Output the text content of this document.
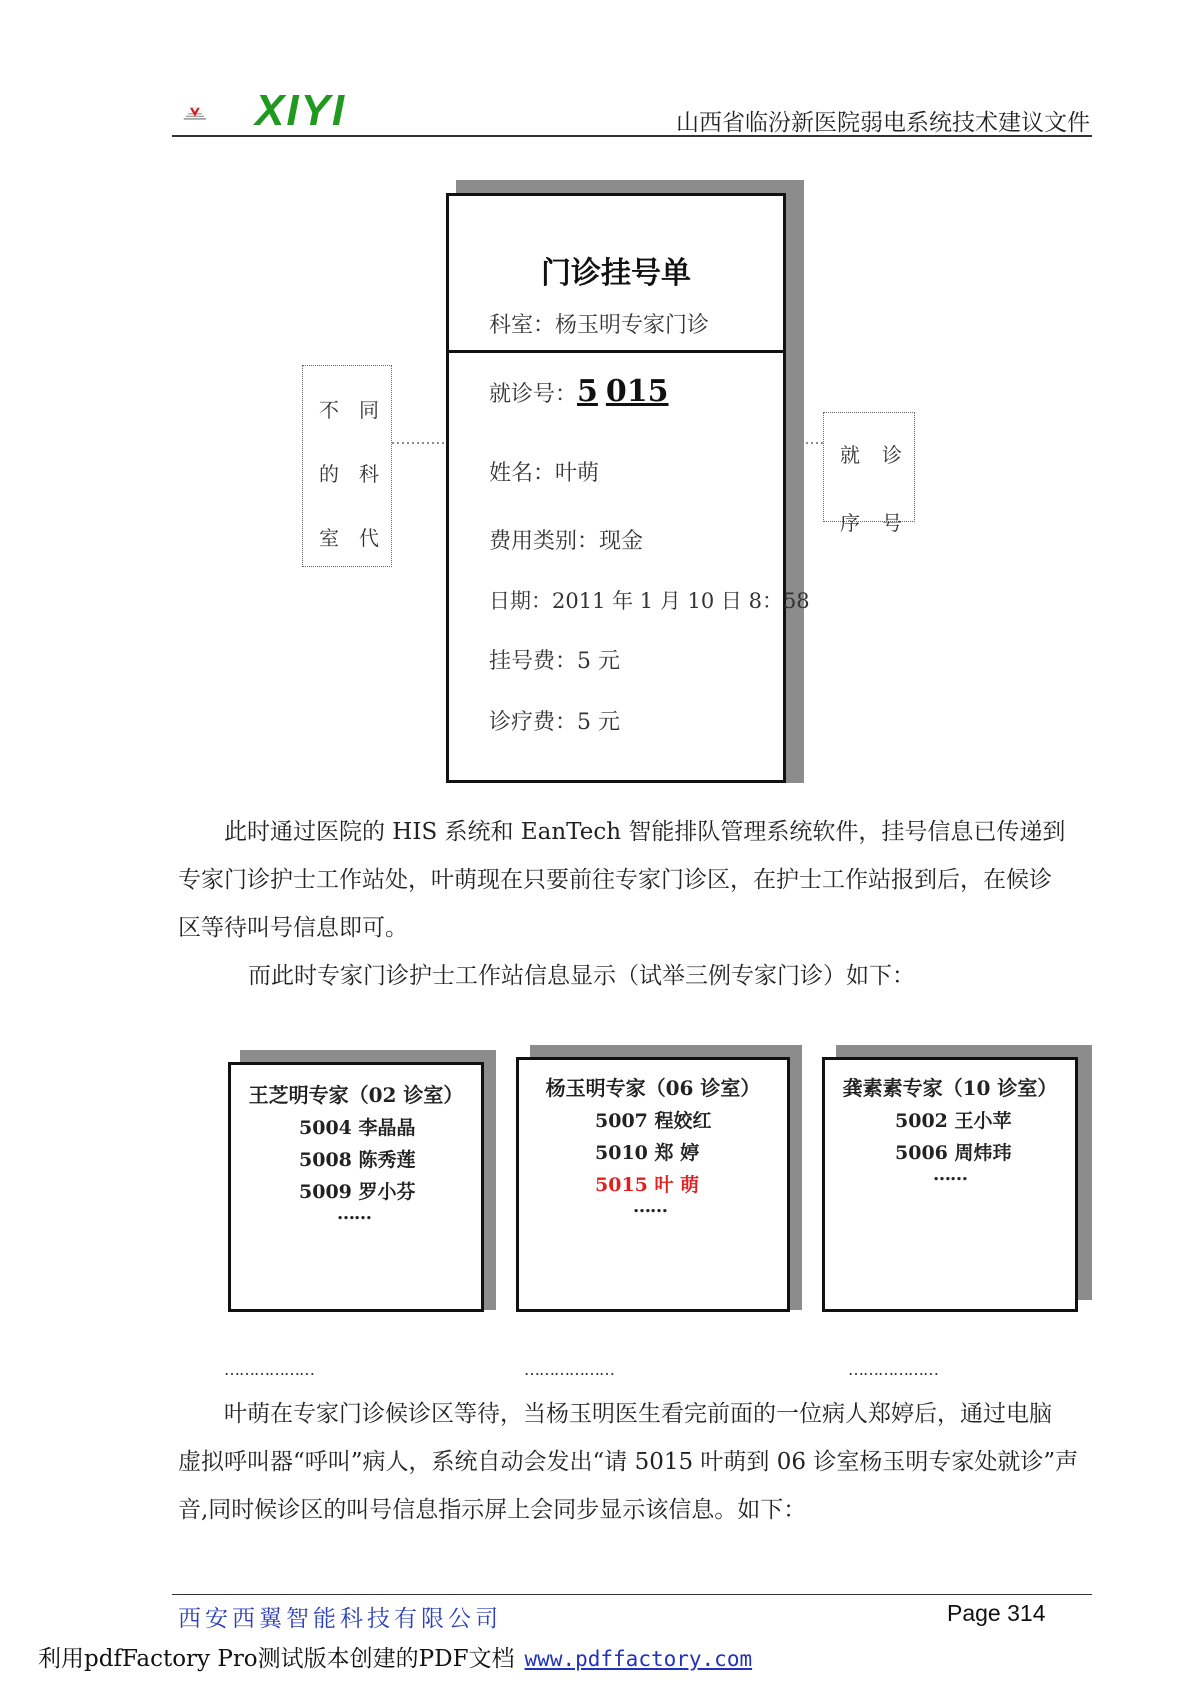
XIYI	山西省临汾新医院弱电系统技术建议文件
不 同
的 科
室 代
就 诊
序 号
门诊挂号单
科室：杨玉明专家门诊
就诊号：5 015
姓名：叶萌
费用类别：现金
日期：2011 年 1 月 10 日 8：58
挂号费：5 元
诊疗费：5 元

此时通过医院的 HIS 系统和 EanTech 智能排队管理系统软件，挂号信息已传递到

专家门诊护士工作站处，叶萌现在只要前往专家门诊区，在护士工作站报到后，在候诊

区等待叫号信息即可。

而此时专家门诊护士工作站信息显示（试举三例专家门诊）如下：

王芝明专家（02 诊室）
5004 李晶晶
5008 陈秀莲
5009 罗小芬
……
杨玉明专家（06 诊室）
5007 程姣红
5010 郑 婷
5015 叶 萌
……
龚素素专家（10 诊室）
5002 王小苹
5006 周炜玮
……
………………	………………	………………

叶萌在专家门诊候诊区等待，当杨玉明医生看完前面的一位病人郑婷后，通过电脑

虚拟呼叫器“呼叫”病人，系统自动会发出“请 5015 叶萌到 06 诊室杨玉明专家处就诊”声

音,同时候诊区的叫号信息指示屏上会同步显示该信息。如下：

西安西翼智能科技有限公司	Page 314
利用pdfFactory Pro测试版本创建的PDF文档 www.pdffactory.com
